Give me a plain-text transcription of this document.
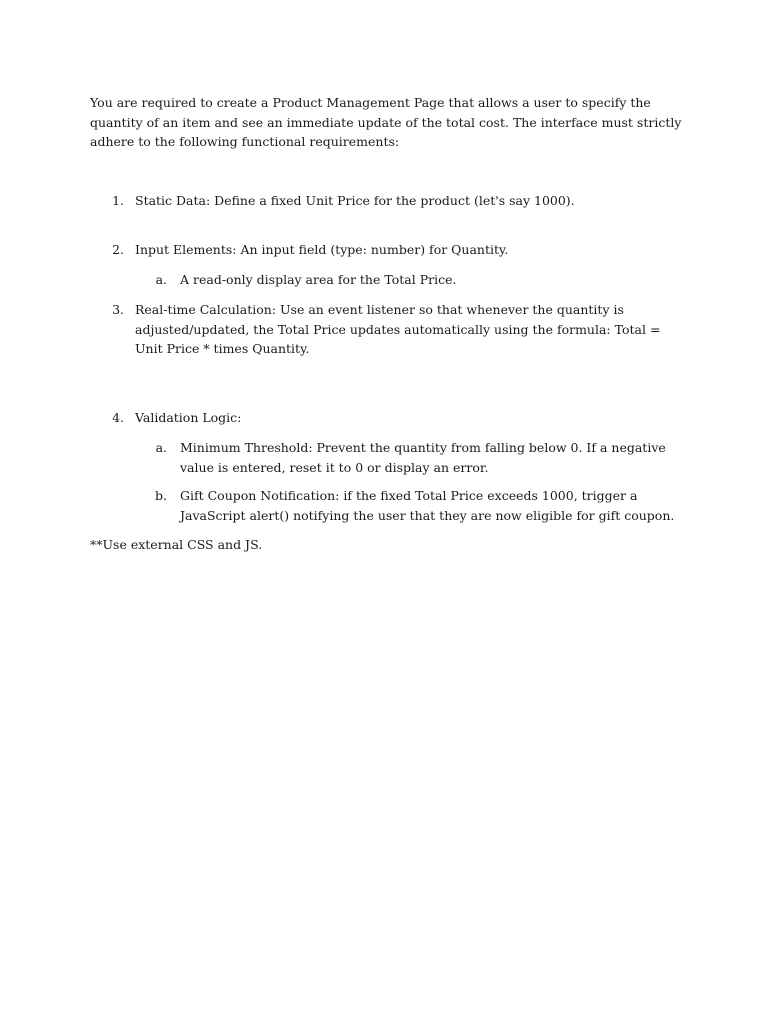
You are required to create a Product Management Page that allows a user to specify the quantity of an item and see an immediate update of the total cost. The interface must strictly adhere to the following functional requirements:

1. Static Data: Define a fixed Unit Price for the product (let's say 1000).
2. Input Elements: An input field (type: number) for Quantity.
a. A read-only display area for the Total Price.
3. Real-time Calculation: Use an event listener so that whenever the quantity is adjusted/updated, the Total Price updates automatically using the formula: Total = Unit Price * times Quantity.
4. Validation Logic:
a. Minimum Threshold: Prevent the quantity from falling below 0. If a negative value is entered, reset it to 0 or display an error.
b. Gift Coupon Notification: if the fixed Total Price exceeds 1000, trigger a JavaScript alert() notifying the user that they are now eligible for gift coupon.

**Use external CSS and JS.
